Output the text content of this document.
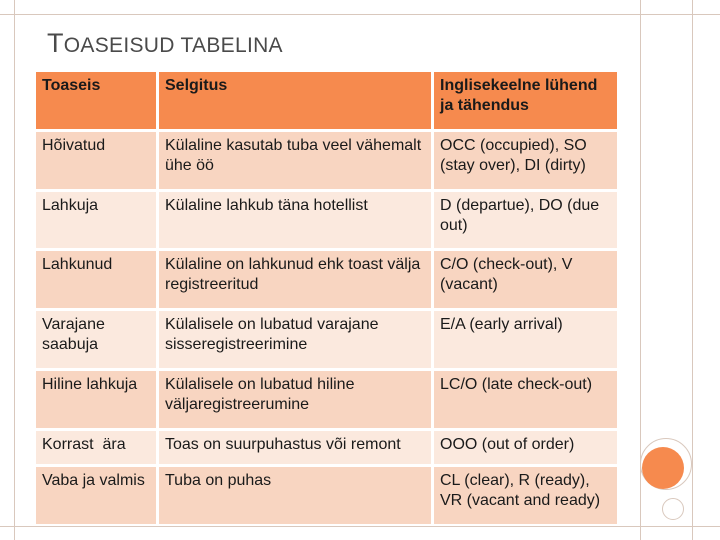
TOASEISUD TABELINA
Toaseis	Selgitus	Inglisekeelne lühend ja tähendus
Hõivatud	Külaline kasutab tuba veel vähemalt ühe öö	OCC (occupied), SO (stay over), DI (dirty)
Lahkuja	Külaline lahkub täna hotellist	D (departue), DO (due out)
Lahkunud	Külaline on lahkunud ehk toast välja registreeritud	C/O (check-out), V (vacant)
Varajane saabuja	Külalisele on lubatud varajane sisseregistreerimine	E/A (early arrival)
Hiline lahkuja	Külalisele on lubatud hiline väljaregistreerumine	LC/O (late check-out)
Korrast  ära	Toas on suurpuhastus või remont	OOO (out of order)
Vaba ja valmis	Tuba on puhas	CL (clear), R (ready), VR (vacant and ready)
